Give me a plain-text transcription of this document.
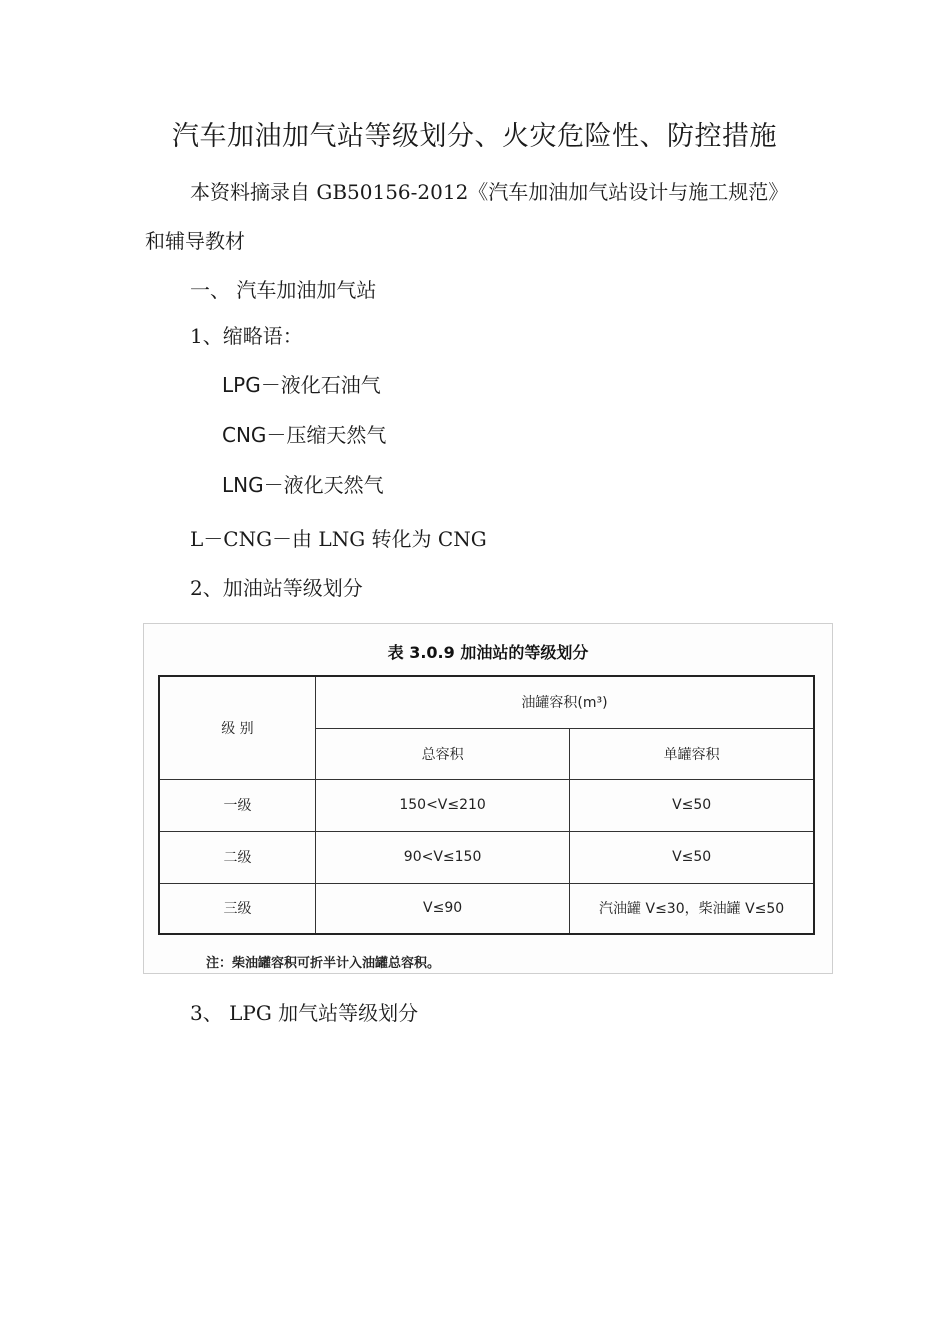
汽车加油加气站等级划分、火灾危险性、防控措施
本资料摘录自 GB50156-2012《汽车加油加气站设计与施工规范》
和辅导教材
一、 汽车加油加气站
1、缩略语：
LPG－液化石油气
CNG－压缩天然气
LNG－液化天然气
L－CNG－由 LNG 转化为 CNG
2、加油站等级划分
表 3.0.9 加油站的等级划分
级 别	油罐容积(m³)	
	总容积	单罐容积
一级	150<V≤210	V≤50
二级	90<V≤150	V≤50
三级	V≤90	汽油罐 V≤30，柴油罐 V≤50
注：柴油罐容积可折半计入油罐总容积。
3、 LPG 加气站等级划分
